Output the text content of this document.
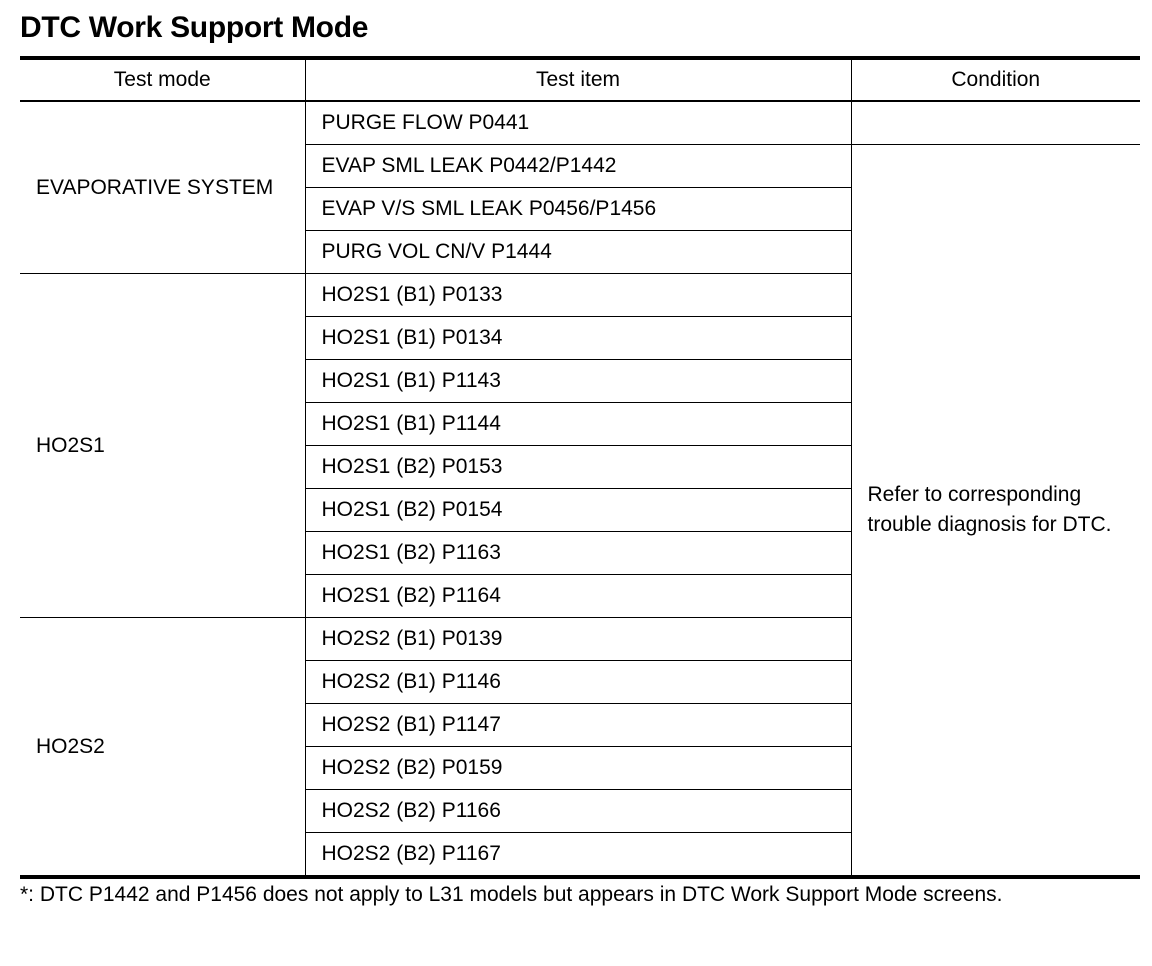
DTC Work Support Mode
Test mode	Test item	Condition

EVAPORATIVE SYSTEM	PURGE FLOW P0441	
	EVAP SML LEAK P0442/P1442	Refer to corresponding trouble diagnosis for DTC.

	EVAP V/S SML LEAK P0456/P1456	
	PURG VOL CN/V P1444	

HO2S1	HO2S1 (B1) P0133	
	HO2S1 (B1) P0134	
	HO2S1 (B1) P1143	
	HO2S1 (B1) P1144	
	HO2S1 (B2) P0153	
	HO2S1 (B2) P0154	
	HO2S1 (B2) P1163	
	HO2S1 (B2) P1164	

HO2S2	HO2S2 (B1) P0139	
	HO2S2 (B1) P1146	
	HO2S2 (B1) P1147	
	HO2S2 (B2) P0159	
	HO2S2 (B2) P1166	
	HO2S2 (B2) P1167	
*: DTC P1442 and P1456 does not apply to L31 models but appears in DTC Work Support Mode screens.
